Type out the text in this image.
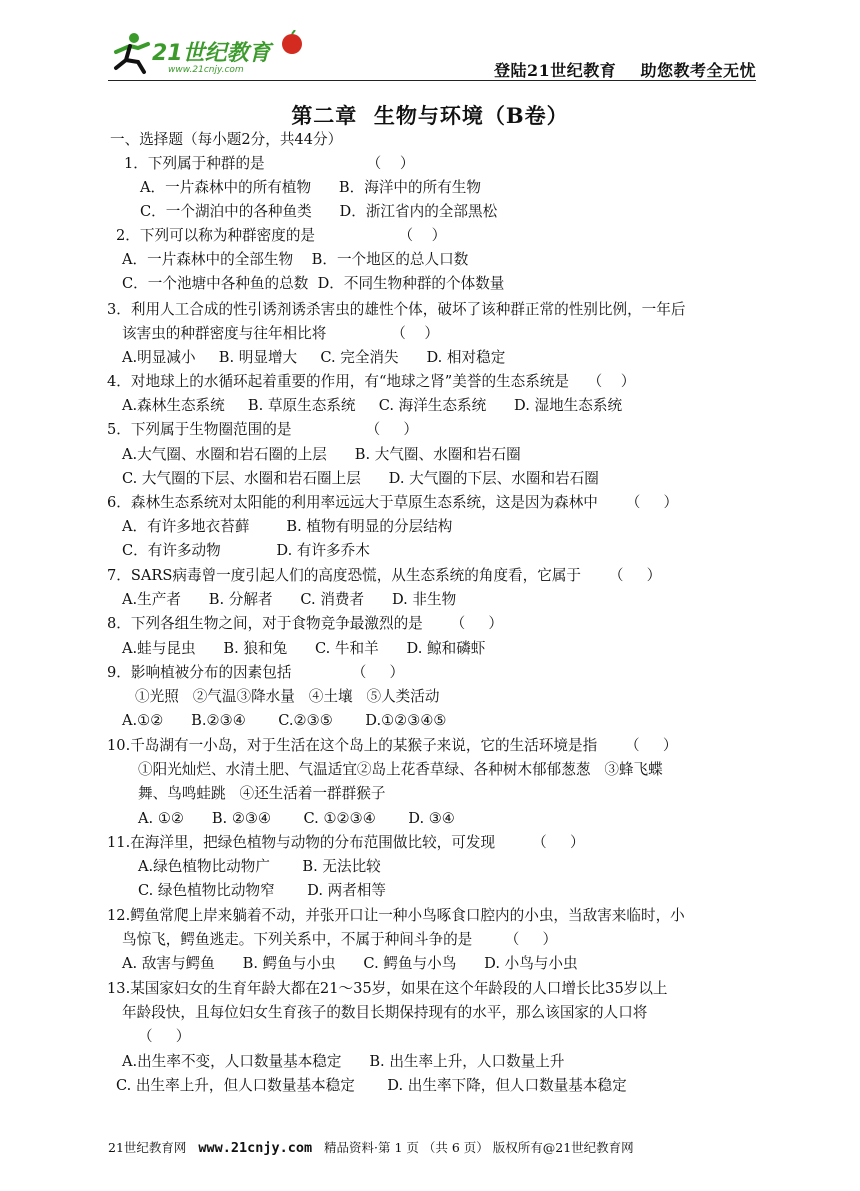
21世纪教育
www.21cnjy.com	登陆21世纪教育    助您教考全无忧
第二章  生物与环境（B卷）
一、选择题（每小题2分，共44分）
1．下列属于种群的是                      （    ）
A．一片森林中的所有植物      B．海洋中的所有生物
C．一个湖泊中的各种鱼类      D．浙江省内的全部黑松
2．下列可以称为种群密度的是                  （    ）
A．一片森林中的全部生物    B．一个地区的总人口数
C．一个池塘中各种鱼的总数  D．不同生物种群的个体数量
3．利用人工合成的性引诱剂诱杀害虫的雄性个体，破坏了该种群正常的性别比例，一年后
该害虫的种群密度与往年相比将              （    ）
A.明显减小     B. 明显增大     C. 完全消失      D. 相对稳定
4．对地球上的水循环起着重要的作用，有“地球之肾”美誉的生态系统是    （    ）
A.森林生态系统     B. 草原生态系统     C. 海洋生态系统      D. 湿地生态系统
5．下列属于生物圈范围的是                （     ）
A.大气圈、水圈和岩石圈的上层      B. 大气圈、水圈和岩石圈
C. 大气圈的下层、水圈和岩石圈上层      D. 大气圈的下层、水圈和岩石圈
6．森林生态系统对太阳能的利用率远远大于草原生态系统，这是因为森林中      （     ）
A．有许多地衣苔藓        B. 植物有明显的分层结构
C．有许多动物            D. 有许多乔木
7．SARS病毒曾一度引起人们的高度恐慌，从生态系统的角度看，它属于      （     ）
A.生产者      B. 分解者      C. 消费者      D. 非生物
8．下列各组生物之间，对于食物竞争最激烈的是      （     ）
A.蛙与昆虫      B. 狼和兔      C. 牛和羊      D. 鲸和磷虾
9．影响植被分布的因素包括             （     ）
①光照   ②气温③降水量   ④土壤   ⑤人类活动
A.①②      B.②③④       C.②③⑤       D.①②③④⑤
10.千岛湖有一小岛，对于生活在这个岛上的某猴子来说，它的生活环境是指      （     ）
①阳光灿烂、水清土肥、气温适宜②岛上花香草绿、各种树木郁郁葱葱   ③蜂飞蝶
舞、鸟鸣蛙跳   ④还生活着一群群猴子
A. ①②      B. ②③④       C. ①②③④       D. ③④
11.在海洋里，把绿色植物与动物的分布范围做比较，可发现        （     ）
A.绿色植物比动物广       B. 无法比较
C. 绿色植物比动物窄       D. 两者相等
12.鳄鱼常爬上岸来躺着不动，并张开口让一种小鸟啄食口腔内的小虫，当敌害来临时，小
鸟惊飞，鳄鱼逃走。下列关系中，不属于种间斗争的是       （     ）
A. 敌害与鳄鱼      B. 鳄鱼与小虫      C. 鳄鱼与小鸟      D. 小鸟与小虫
13.某国家妇女的生育年龄大都在21～35岁，如果在这个年龄段的人口增长比35岁以上
年龄段快，且每位妇女生育孩子的数目长期保持现有的水平，那么该国家的人口将
（     ）
A.出生率不变，人口数量基本稳定      B. 出生率上升，人口数量上升
C. 出生率上升，但人口数量基本稳定       D. 出生率下降，但人口数量基本稳定
21世纪教育网   www.21cnjy.com   精品资料·第 1 页 （共 6 页） 版权所有@21世纪教育网
